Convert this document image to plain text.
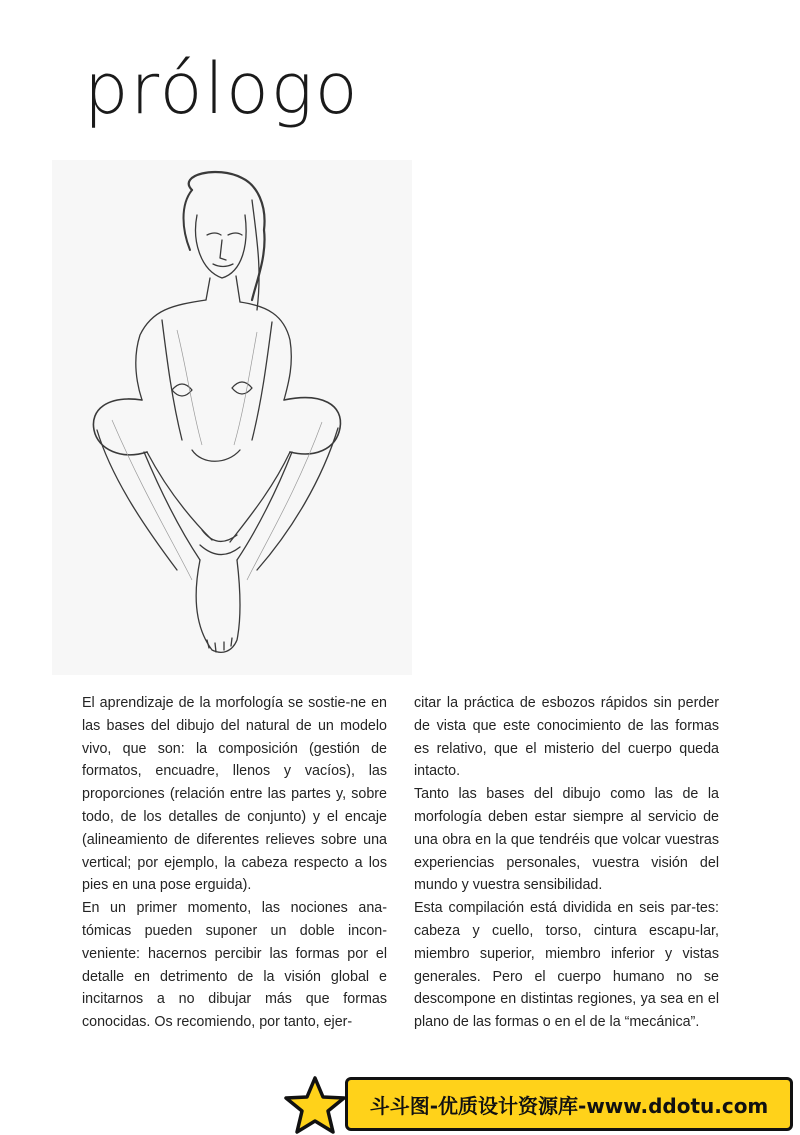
prólogo

El aprendizaje de la morfología se sostie-ne en las bases del dibujo del natural de un modelo vivo, que son: la composición (gestión de formatos, encuadre, llenos y vacíos), las proporciones (relación entre las partes y, sobre todo, de los detalles de conjunto) y el encaje (alineamiento de diferentes relieves sobre una vertical; por ejemplo, la cabeza respecto a los pies en una pose erguida).

En un primer momento, las nociones ana-tómicas pueden suponer un doble incon-veniente: hacernos percibir las formas por el detalle en detrimento de la visión global e incitarnos a no dibujar más que formas conocidas. Os recomiendo, por tanto, ejer-

citar la práctica de esbozos rápidos sin perder de vista que este conocimiento de las formas es relativo, que el misterio del cuerpo queda intacto.

Tanto las bases del dibujo como las de la morfología deben estar siempre al servicio de una obra en la que tendréis que volcar vuestras experiencias personales, vuestra visión del mundo y vuestra sensibilidad.

Esta compilación está dividida en seis par-tes: cabeza y cuello, torso, cintura escapu-lar, miembro superior, miembro inferior y vistas generales. Pero el cuerpo humano no se descompone en distintas regiones, ya sea en el plano de las formas o en el de la “mecánica”.

斗斗图-优质设计资源库-www.ddotu.com
